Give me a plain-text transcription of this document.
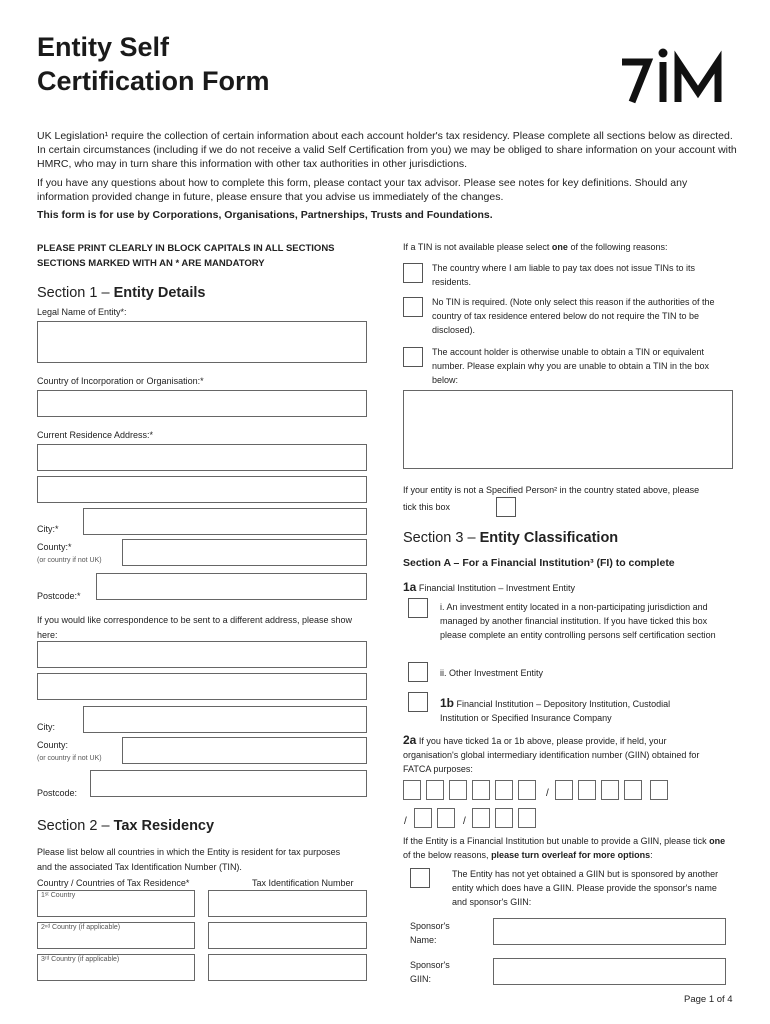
Entity Self
Certification Form
UK Legislation¹ require the collection of certain information about each account holder's tax residency. Please complete all sections below as directed. In certain circumstances (including if we do not receive a valid Self Certification from you) we may be obliged to share information on your account with HMRC, who may in turn share this information with other tax authorities in other jurisdictions.
If you have any questions about how to complete this form, please contact your tax advisor. Please see notes for key definitions. Should any information provided change in future, please ensure that you advise us immediately of the changes.
This form is for use by Corporations, Organisations, Partnerships, Trusts and Foundations.
PLEASE PRINT CLEARLY IN BLOCK CAPITALS IN ALL SECTIONS
SECTIONS MARKED WITH AN * ARE MANDATORY
Section 1 – Entity Details
Legal Name of Entity*:
Country of Incorporation or Organisation:*
Current Residence Address:*
City:*
County:*
(or country if not UK)
Postcode:*
If you would like correspondence to be sent to a different address, please show here:
City:
County:
(or country if not UK)
Postcode:
Section 2 – Tax Residency
Please list below all countries in which the Entity is resident for tax purposes and the associated Tax Identification Number (TIN).
Country / Countries of Tax Residence*	Tax Identification Number
1ˢᵗ Country
2ⁿᵈ Country (if applicable)
3ʳᵈ Country (if applicable)
If a TIN is not available please select one of the following reasons:
The country where I am liable to pay tax does not issue TINs to its residents.
No TIN is required. (Note only select this reason if the authorities of the country of tax residence entered below do not require the TIN to be disclosed).
The account holder is otherwise unable to obtain a TIN or equivalent number. Please explain why you are unable to obtain a TIN in the box below:
If your entity is not a Specified Person² in the country stated above, please tick this box
Section 3 – Entity Classification
Section A – For a Financial Institution³ (FI) to complete
1a Financial Institution – Investment Entity
i. An investment entity located in a non-participating jurisdiction and managed by another financial institution. If you have ticked this box please complete an entity controlling persons self certification section
ii. Other Investment Entity
1b Financial Institution – Depository Institution, Custodial Institution or Specified Insurance Company
2a If you have ticked 1a or 1b above, please provide, if held, your organisation's global intermediary identification number (GIIN) obtained for FATCA purposes:
/
/	/
If the Entity is a Financial Institution but unable to provide a GIIN, please tick one of the below reasons, please turn overleaf for more options:
The Entity has not yet obtained a GIIN but is sponsored by another entity which does have a GIIN. Please provide the sponsor's name and sponsor's GIIN:
Sponsor's Name:
Sponsor's GIIN:
Page 1 of 4
